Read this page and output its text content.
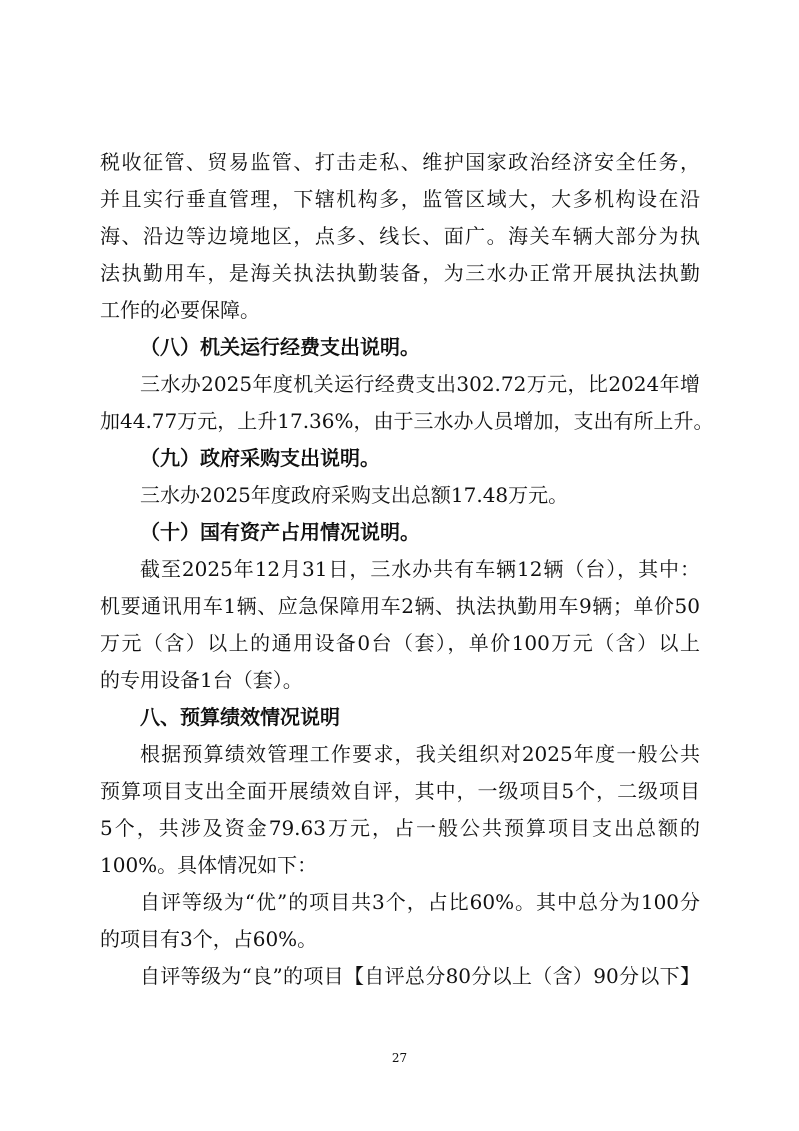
税收征管、贸易监管、打击走私、维护国家政治经济安全任务，
并且实行垂直管理，下辖机构多，监管区域大，大多机构设在沿
海、沿边等边境地区，点多、线长、面广。海关车辆大部分为执
法执勤用车，是海关执法执勤装备，为三水办正常开展执法执勤
工作的必要保障。
（八）机关运行经费支出说明。
三水办2025年度机关运行经费支出302.72万元，比2024年增
加44.77万元，上升17.36%，由于三水办人员增加，支出有所上升。
（九）政府采购支出说明。
三水办2025年度政府采购支出总额17.48万元。
（十）国有资产占用情况说明。
截至2025年12月31日，三水办共有车辆12辆（台），其中：
机要通讯用车1辆、应急保障用车2辆、执法执勤用车9辆；单价50
万元（含）以上的通用设备0台（套），单价100万元（含）以上
的专用设备1台（套）。
八、预算绩效情况说明
根据预算绩效管理工作要求，我关组织对2025年度一般公共
预算项目支出全面开展绩效自评，其中，一级项目5个，二级项目
5个，共涉及资金79.63万元，占一般公共预算项目支出总额的
100%。具体情况如下：
自评等级为“优”的项目共3个，占比60%。其中总分为100分
的项目有3个，占60%。
自评等级为“良”的项目【自评总分80分以上（含）90分以下】
27
